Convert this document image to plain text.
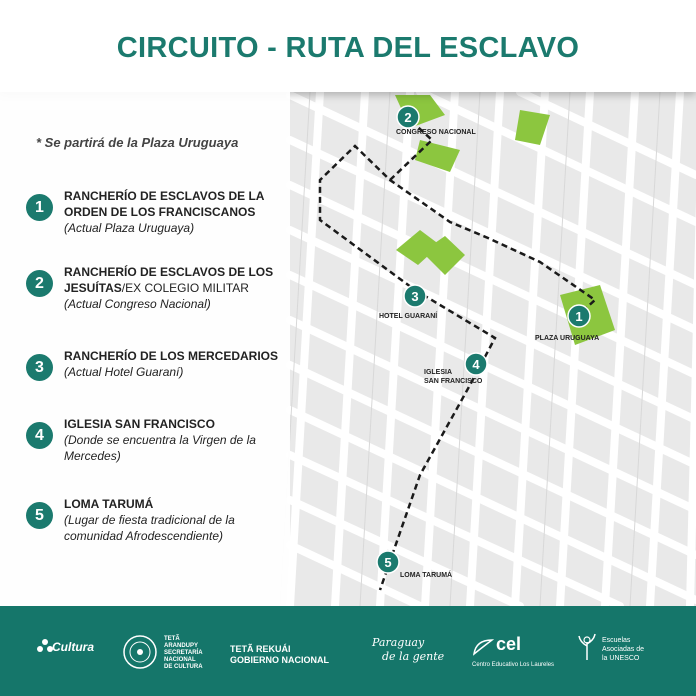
1
2
3
4
5
PLAZA URUGUAYA
CONGRESO NACIONAL
HOTEL GUARANÍ
IGLESIA
SAN FRANCISCO
LOMA TARUMÁ
CIRCUITO - RUTA DEL ESCLAVO
* Se partirá de la Plaza Uruguaya
1
RANCHERÍO DE ESCLAVOS DE LA ORDEN DE LOS FRANCISCANOS
(Actual Plaza Uruguaya)
2
RANCHERÍO DE ESCLAVOS DE LOS JESUÍTAS/EX COLEGIO MILITAR
(Actual Congreso Nacional)
3
RANCHERÍO DE LOS MERCEDARIOS
(Actual Hotel Guaraní)
4
IGLESIA SAN FRANCISCO
(Donde se encuentra la Virgen de la Mercedes)
5
LOMA TARUMÁ
(Lugar de fiesta tradicional de la comunidad Afrodescendiente)
Cultura
TETÃ
ARANDUPY
SECRETARÍA
NACIONAL
DE CULTURA
TETÃ REKUÁI
GOBIERNO NACIONAL
Paraguay
de la gente
cel
Centro Educativo Los Laureles
Escuelas
Asociadas de
la UNESCO
